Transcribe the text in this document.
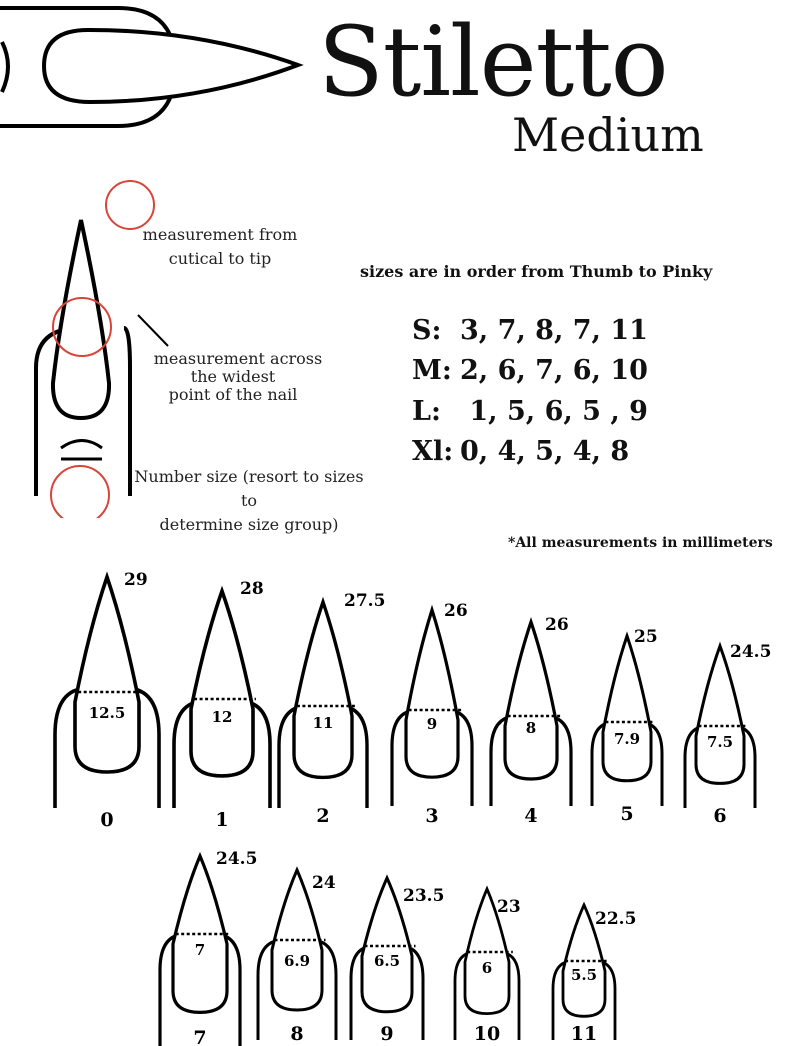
Stiletto
Medium
measurement from
cutical to tip
measurement across
the widest
point of the nail
Number size (resort to sizes to
determine size group)
sizes are in order from Thumb to Pinky
S: 3, 7, 8, 7, 11
M: 2, 6, 7, 6, 10
L: 1, 5, 6, 5 , 9
Xl: 0, 4, 5, 4, 8
*All measurements in millimeters
29
12.5
0
28
12
1
27.5
11
2
26
9
3
26
8
4
25
7.9
5
24.5
7.5
6
24.5
7
7
24
6.9
8
23.5
6.5
9
23
6
10
22.5
5.5
11
